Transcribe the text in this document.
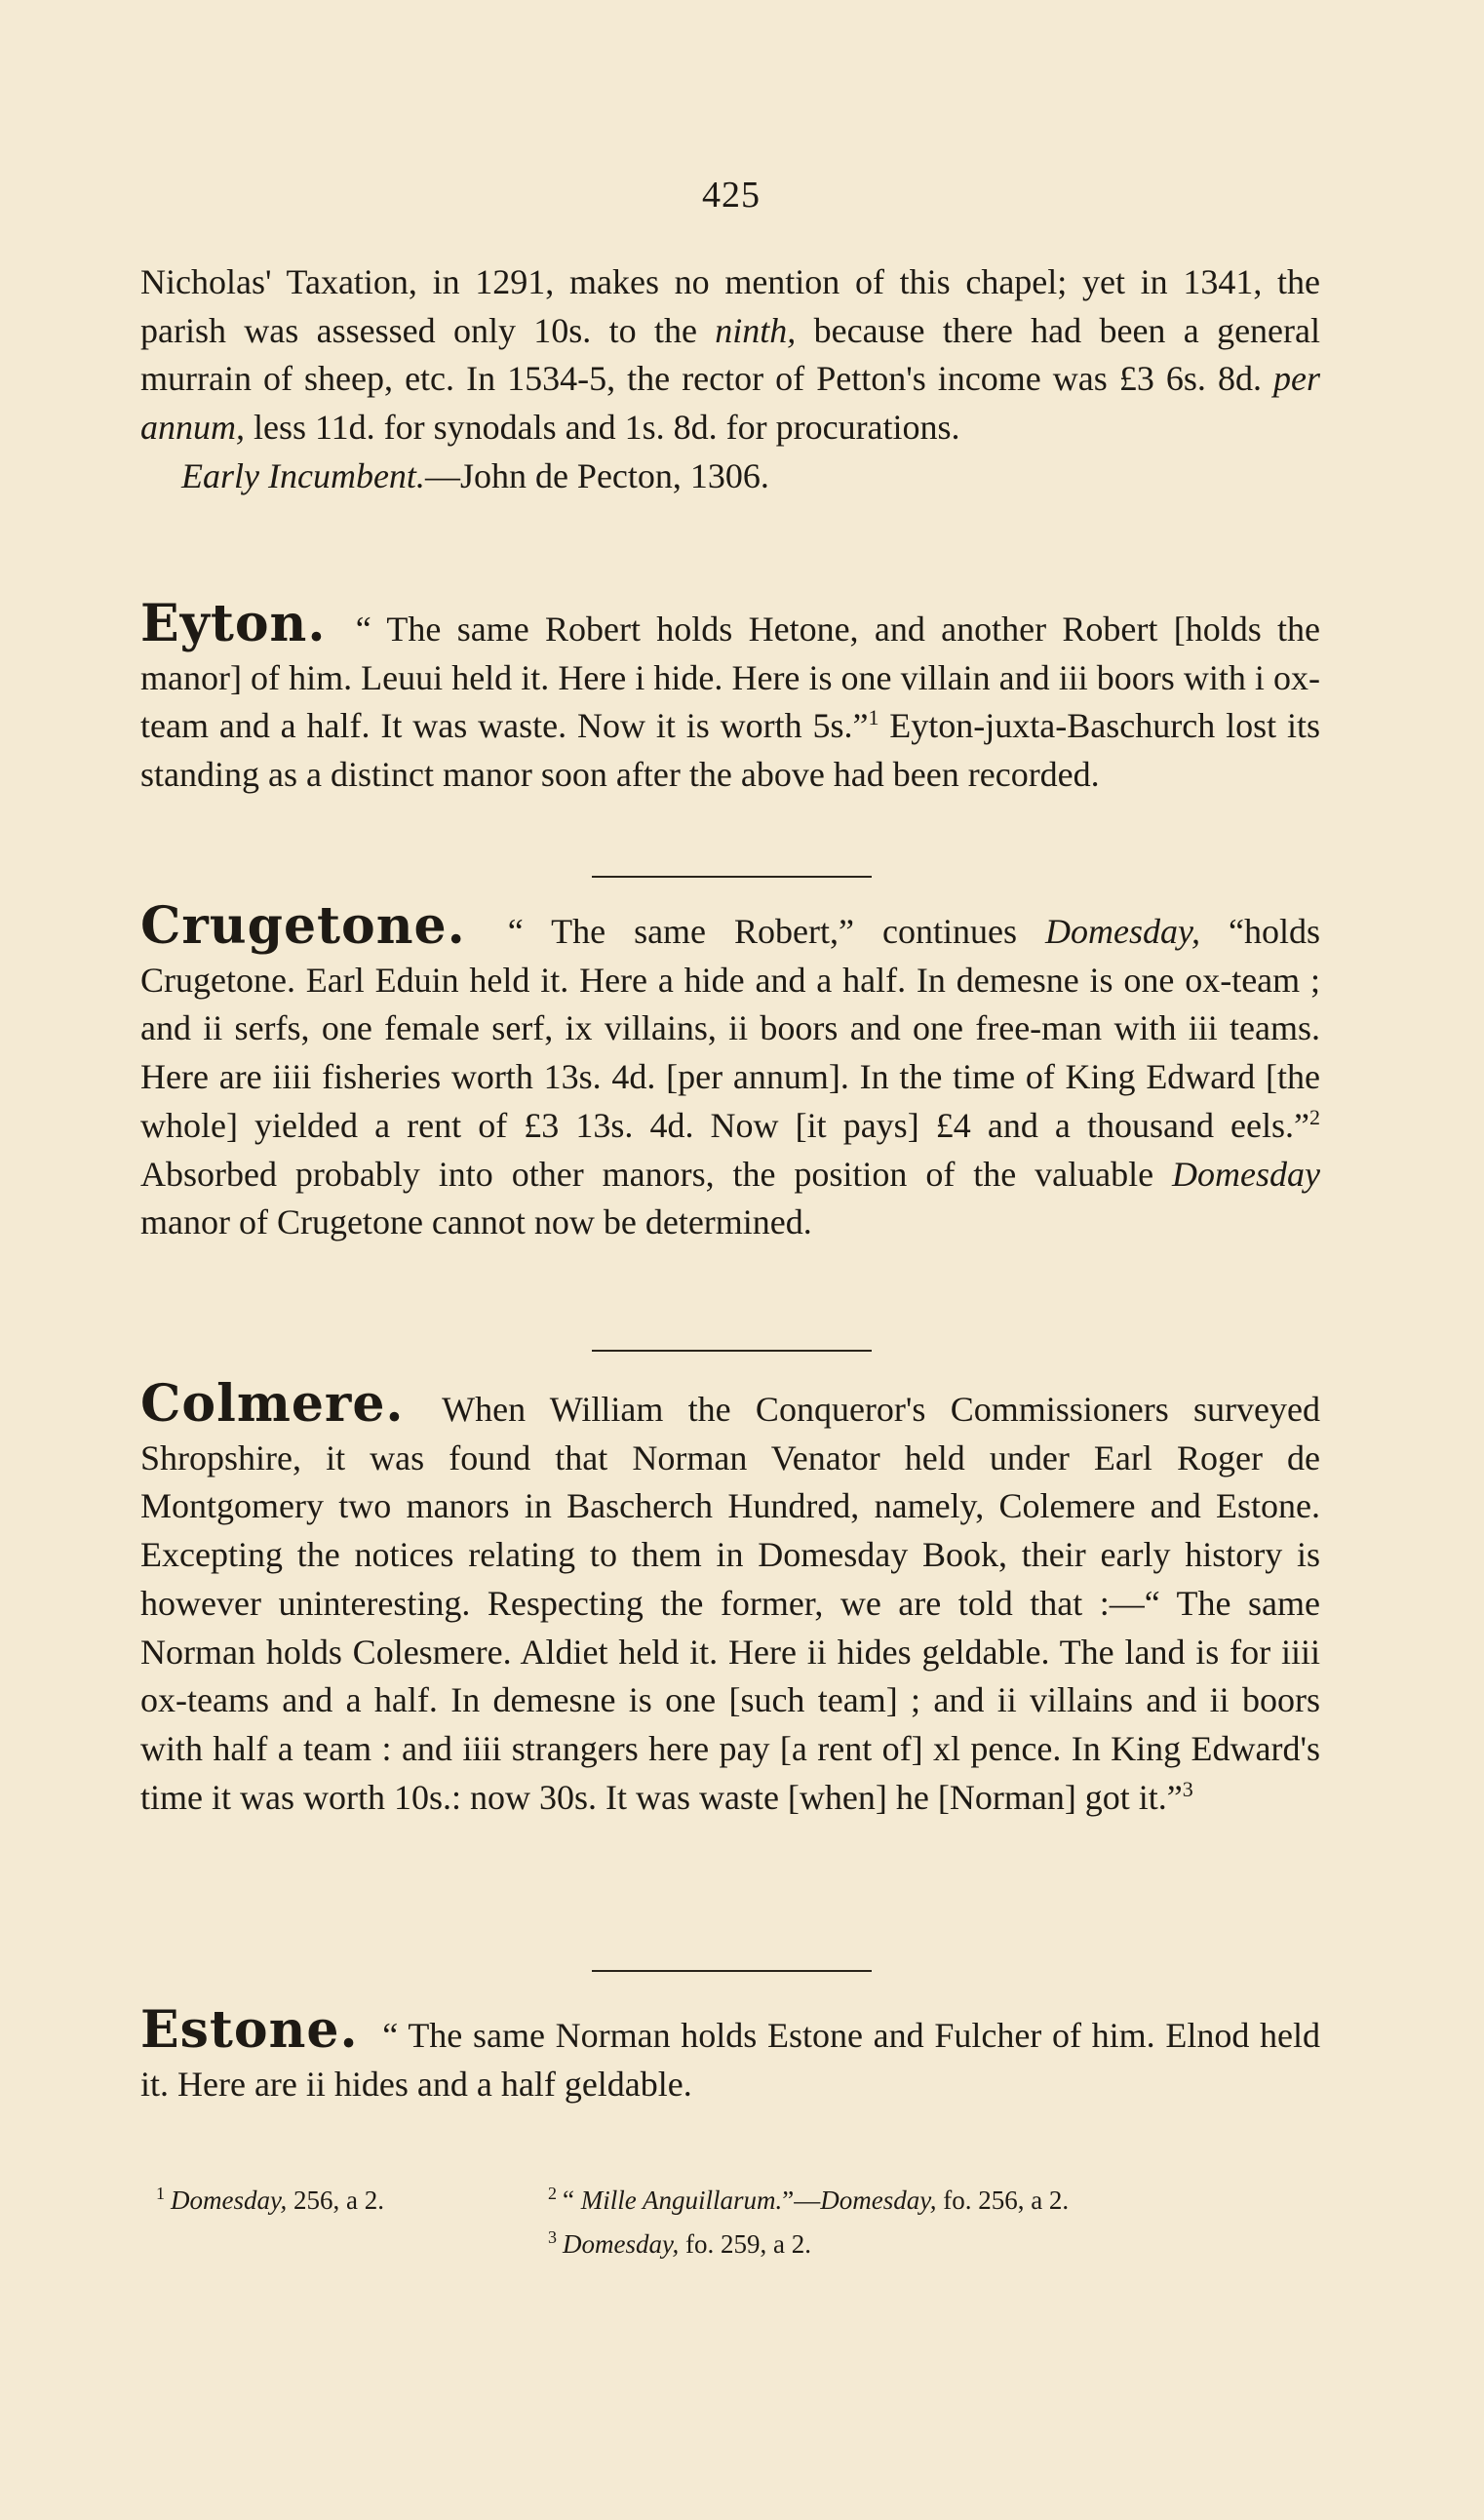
425

Nicholas' Taxation, in 1291, makes no mention of this chapel; yet in 1341, the parish was assessed only 10s. to the ninth, because there had been a general murrain of sheep, etc. In 1534-5, the rector of Petton's income was £3 6s. 8d. per annum, less 11d. for synodals and 1s. 8d. for procurations.

Early Incumbent.—John de Pecton, 1306.

Eyton. “ The same Robert holds Hetone, and another Robert [holds the manor] of him. Leuui held it. Here i hide. Here is one villain and iii boors with i ox-team and a half. It was waste. Now it is worth 5s.”$^1$ Eyton-juxta-Baschurch lost its standing as a distinct manor soon after the above had been recorded.

Crugetone. “ The same Robert,” continues Domesday, “holds Crugetone. Earl Eduin held it. Here a hide and a half. In demesne is one ox-team ; and ii serfs, one female serf, ix villains, ii boors and one free-man with iii teams. Here are iiii fisheries worth 13s. 4d. [per annum]. In the time of King Edward [the whole] yielded a rent of £3 13s. 4d. Now [it pays] £4 and a thousand eels.”$^2$ Absorbed probably into other manors, the position of the valuable Domesday manor of Crugetone cannot now be determined.

Colmere. When William the Conqueror's Commissioners surveyed Shropshire, it was found that Norman Venator held under Earl Roger de Montgomery two manors in Bascherch Hundred, namely, Colemere and Estone. Excepting the notices relating to them in Domesday Book, their early history is however uninteresting. Respecting the former, we are told that :—“ The same Norman holds Colesmere. Aldiet held it. Here ii hides geldable. The land is for iiii ox-teams and a half. In demesne is one [such team] ; and ii villains and ii boors with half a team : and iiii strangers here pay [a rent of] xl pence. In King Edward's time it was worth 10s.: now 30s. It was waste [when] he [Norman] got it.”$^3$

Estone. “ The same Norman holds Estone and Fulcher of him. Elnod held it. Here are ii hides and a half geldable.

$^1$ Domesday, 256, a 2.	$^2$ “ Mille Anguillarum.”—Domesday, fo. 256, a 2.
$^3$ Domesday, fo. 259, a 2.
